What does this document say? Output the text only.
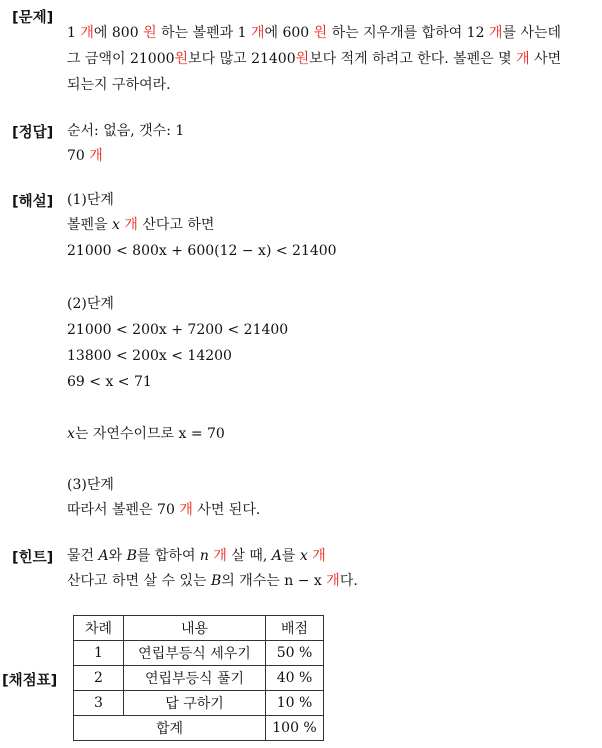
[문제]
[정답]
[해설]
[힌트]
[채점표]
1 개에 800 원 하는 볼펜과 1 개에 600 원 하는 지우개를 합하여 12 개를 사는데
그 금액이 21000원보다 많고 21400원보다 적게 하려고 한다. 볼펜은 몇 개 사면
되는지 구하여라.
순서: 없음, 갯수: 1
70 개
(1)단계
볼펜을 x 개 산다고 하면
21000 < 800x + 600(12 − x) < 21400
(2)단계
21000 < 200x + 7200 < 21400
13800 < 200x < 14200
69 < x < 71
x는 자연수이므로 x = 70
(3)단계
따라서 볼펜은 70 개 사면 된다.
물건 A와 B를 합하여 n 개 살 때, A를 x 개
산다고 하면 살 수 있는 B의 개수는 n − x 개다.
차례	내용	배점
1	연립부등식 세우기	50 %
2	연립부등식 풀기	40 %
3	답 구하기	10 %
합계		100 %
